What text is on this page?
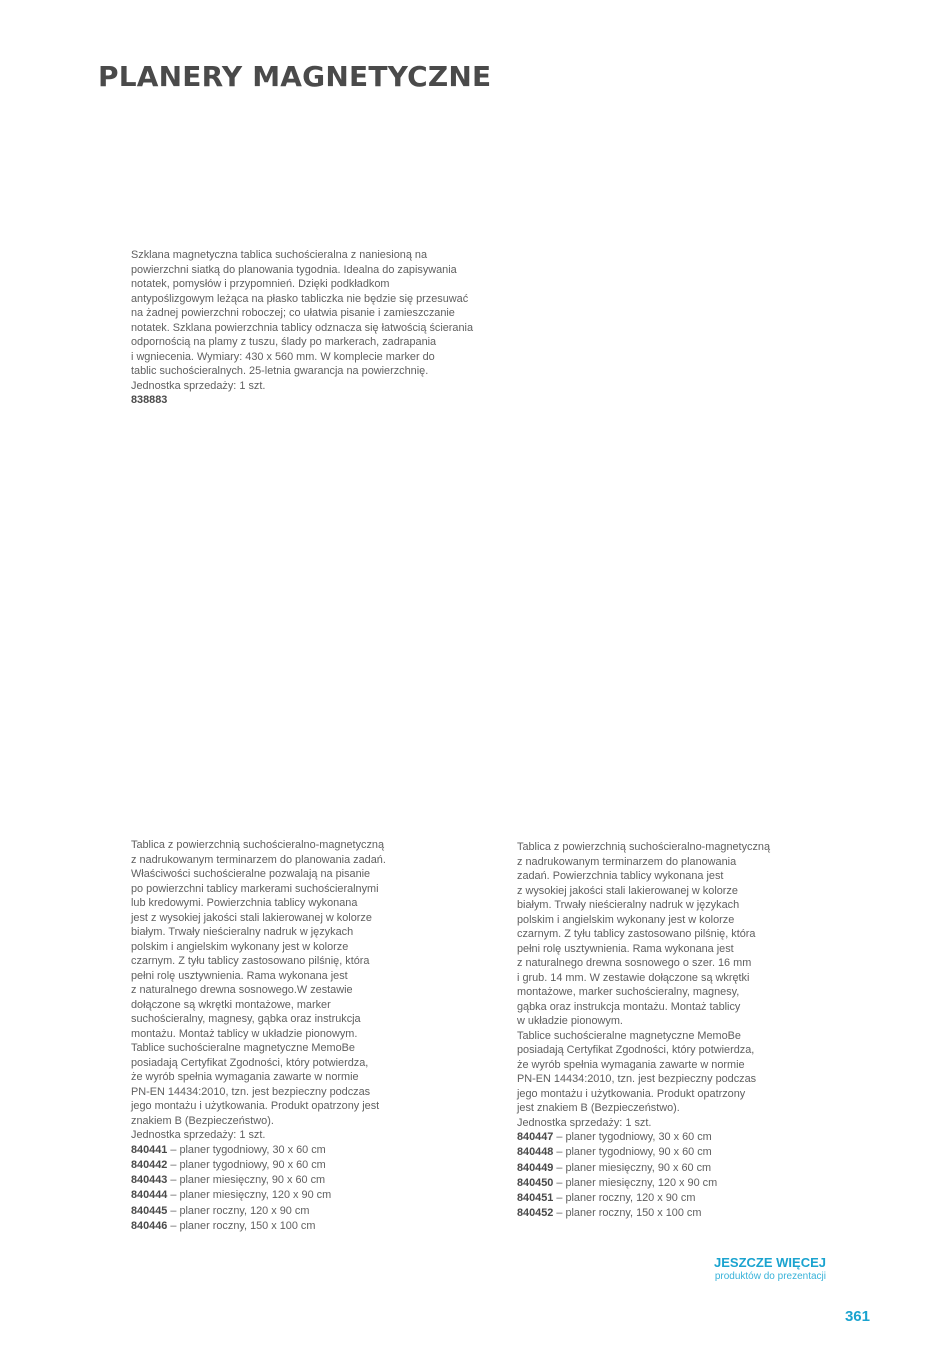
PLANERY MAGNETYCZNE
Szklana magnetyczna tablica suchościeralna z naniesioną na
powierzchni siatką do planowania tygodnia. Idealna do zapisywania
notatek, pomysłów i przypomnień. Dzięki podkładkom
antypoślizgowym leżąca na płasko tabliczka nie będzie się przesuwać
na żadnej powierzchni roboczej; co ułatwia pisanie i zamieszczanie
notatek. Szklana powierzchnia tablicy odznacza się łatwością ścierania
odpornością na plamy z tuszu, ślady po markerach, zadrapania
i wgniecenia. Wymiary: 430 x 560 mm. W komplecie marker do
tablic suchościeralnych. 25-letnia gwarancja na powierzchnię.
Jednostka sprzedaży: 1 szt.
838883
Tablica z powierzchnią suchościeralno-magnetyczną
z nadrukowanym terminarzem do planowania zadań.
Właściwości suchościeralne pozwalają na pisanie
po powierzchni tablicy markerami suchościeralnymi
lub kredowymi. Powierzchnia tablicy wykonana
jest z wysokiej jakości stali lakierowanej w kolorze
białym. Trwały nieścieralny nadruk w językach
polskim i angielskim wykonany jest w kolorze
czarnym. Z tyłu tablicy zastosowano pilśnię, która
pełni rolę usztywnienia. Rama wykonana jest
z naturalnego drewna sosnowego.W zestawie
dołączone są wkrętki montażowe, marker
suchościeralny, magnesy, gąbka oraz instrukcja
montażu. Montaż tablicy w układzie pionowym.
Tablice suchościeralne magnetyczne MemoBe
posiadają Certyfikat Zgodności, który potwierdza,
że wyrób spełnia wymagania zawarte w normie
PN-EN 14434:2010, tzn. jest bezpieczny podczas
jego montażu i użytkowania. Produkt opatrzony jest
znakiem B (Bezpieczeństwo).
Jednostka sprzedaży: 1 szt.
840441 – planer tygodniowy, 30 x 60 cm
840442 – planer tygodniowy, 90 x 60 cm
840443 – planer miesięczny, 90 x 60 cm
840444 – planer miesięczny, 120 x 90 cm
840445 – planer roczny, 120 x 90 cm
840446 – planer roczny, 150 x 100 cm
Tablica z powierzchnią suchościeralno-magnetyczną
z nadrukowanym terminarzem do planowania
zadań. Powierzchnia tablicy wykonana jest
z wysokiej jakości stali lakierowanej w kolorze
białym. Trwały nieścieralny nadruk w językach
polskim i angielskim wykonany jest w kolorze
czarnym. Z tyłu tablicy zastosowano pilśnię, która
pełni rolę usztywnienia. Rama wykonana jest
z naturalnego drewna sosnowego o szer. 16 mm
i grub. 14 mm. W zestawie dołączone są wkrętki
montażowe, marker suchościeralny, magnesy,
gąbka oraz instrukcja montażu. Montaż tablicy
w układzie pionowym.
Tablice suchościeralne magnetyczne MemoBe
posiadają Certyfikat Zgodności, który potwierdza,
że wyrób spełnia wymagania zawarte w normie
PN-EN 14434:2010, tzn. jest bezpieczny podczas
jego montażu i użytkowania. Produkt opatrzony
jest znakiem B (Bezpieczeństwo).
Jednostka sprzedaży: 1 szt.
840447 – planer tygodniowy, 30 x 60 cm
840448 – planer tygodniowy, 90 x 60 cm
840449 – planer miesięczny, 90 x 60 cm
840450 – planer miesięczny, 120 x 90 cm
840451 – planer roczny, 120 x 90 cm
840452 – planer roczny, 150 x 100 cm
JESZCZE WIĘCEJ
produktów do prezentacji
361
